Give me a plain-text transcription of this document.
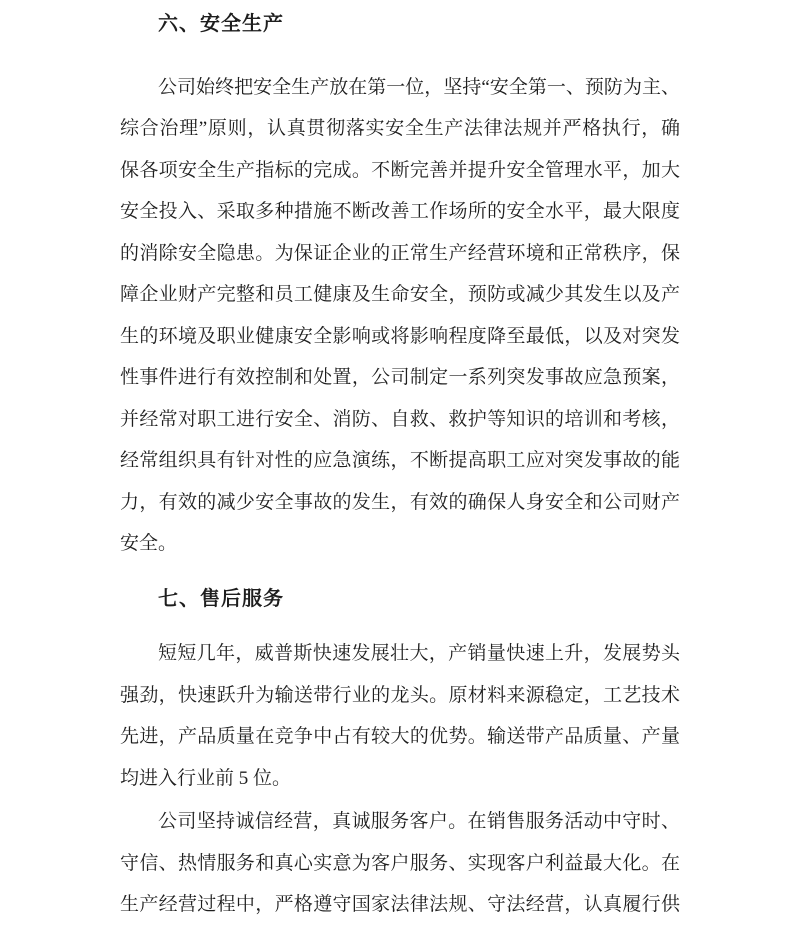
六、安全生产
公司始终把安全生产放在第一位，坚持“安全第一、预防为主、
综合治理”原则，认真贯彻落实安全生产法律法规并严格执行，确
保各项安全生产指标的完成。不断完善并提升安全管理水平，加大
安全投入、采取多种措施不断改善工作场所的安全水平，最大限度
的消除安全隐患。为保证企业的正常生产经营环境和正常秩序，保
障企业财产完整和员工健康及生命安全，预防或减少其发生以及产
生的环境及职业健康安全影响或将影响程度降至最低，以及对突发
性事件进行有效控制和处置，公司制定一系列突发事故应急预案，
并经常对职工进行安全、消防、自救、救护等知识的培训和考核，
经常组织具有针对性的应急演练，不断提高职工应对突发事故的能
力，有效的减少安全事故的发生，有效的确保人身安全和公司财产
安全。
七、售后服务
短短几年，威普斯快速发展壮大，产销量快速上升，发展势头
强劲，快速跃升为输送带行业的龙头。原材料来源稳定，工艺技术
先进，产品质量在竞争中占有较大的优势。输送带产品质量、产量
均进入行业前 5 位。
公司坚持诚信经营，真诚服务客户。在销售服务活动中守时、
守信、热情服务和真心实意为客户服务、实现客户利益最大化。在
生产经营过程中，严格遵守国家法律法规、守法经营，认真履行供
